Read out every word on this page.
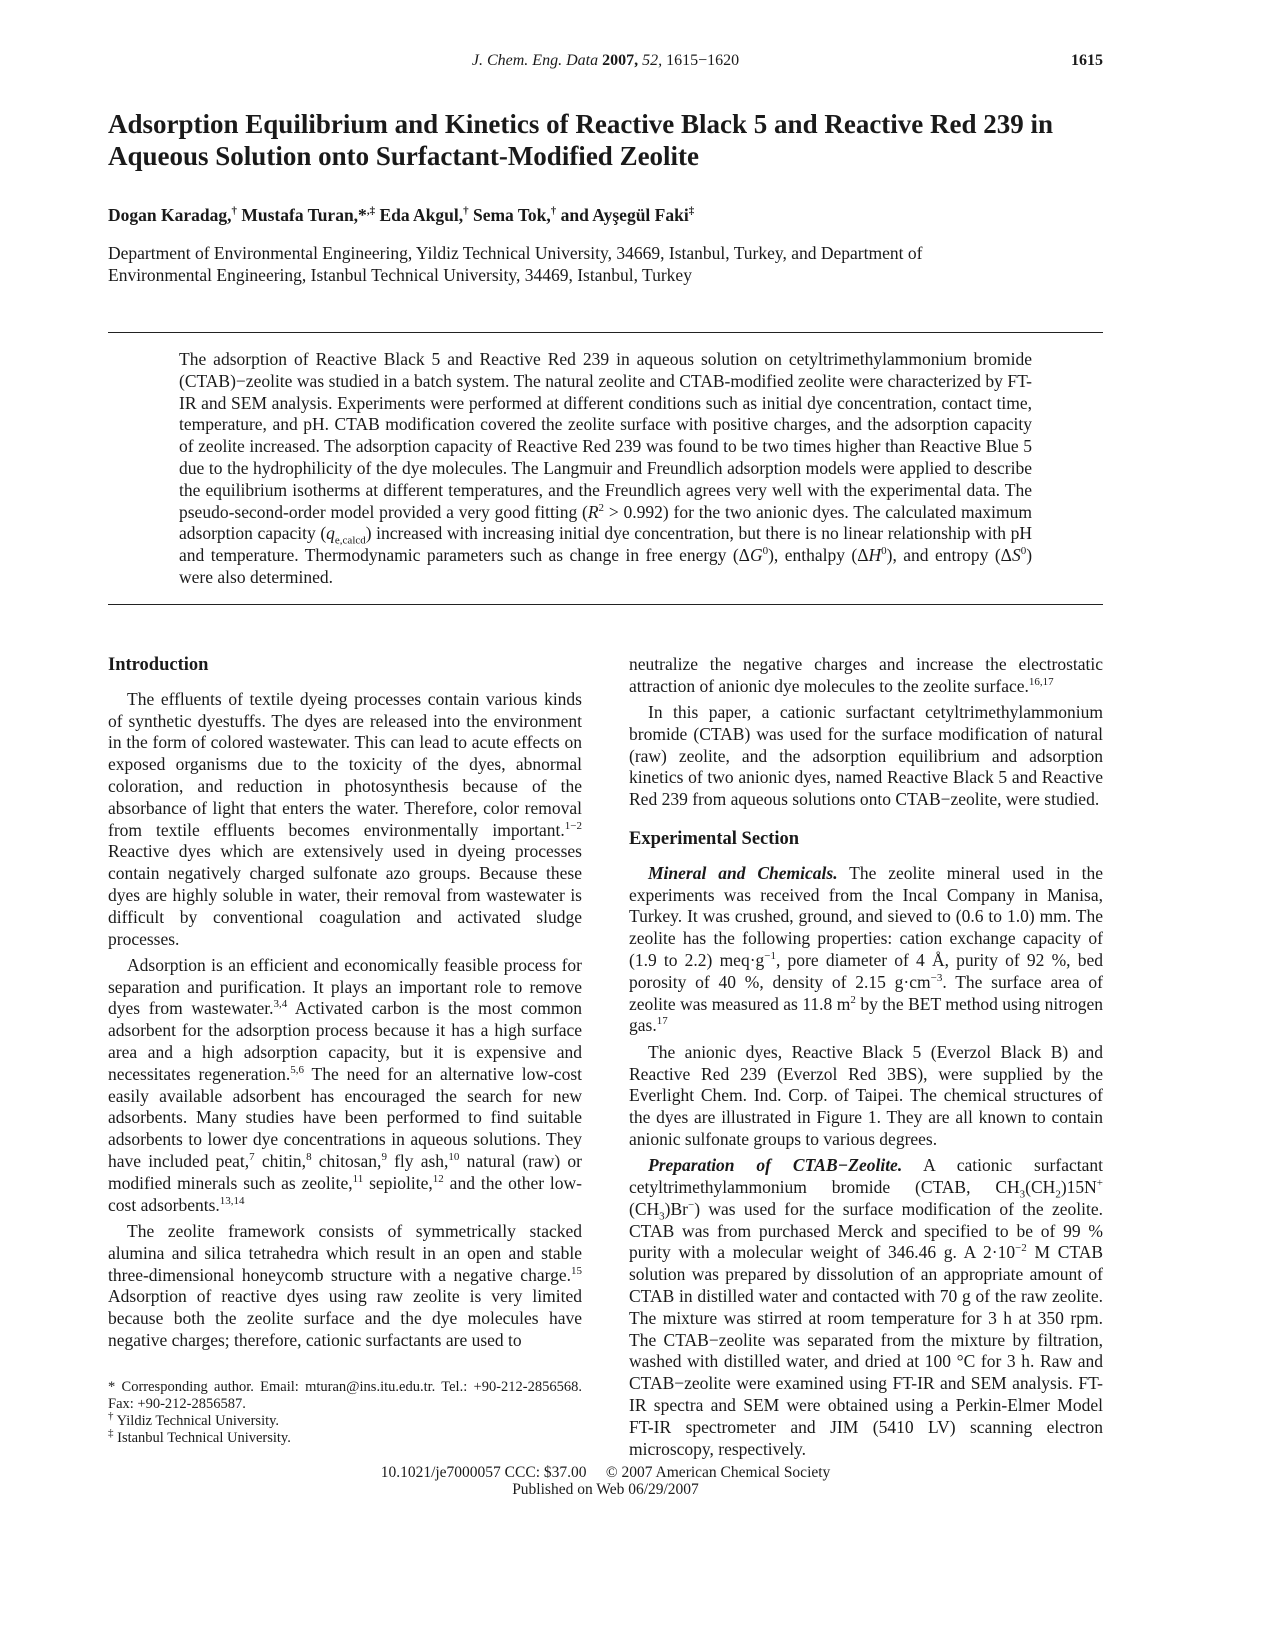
J. Chem. Eng. Data 2007, 52, 1615−1620	1615
Adsorption Equilibrium and Kinetics of Reactive Black 5 and Reactive Red 239 in Aqueous Solution onto Surfactant-Modified Zeolite
Dogan Karadag,† Mustafa Turan,*,‡ Eda Akgul,† Sema Tok,† and Ayşegül Faki‡
Department of Environmental Engineering, Yildiz Technical University, 34669, Istanbul, Turkey, and Department of Environmental Engineering, Istanbul Technical University, 34469, Istanbul, Turkey
The adsorption of Reactive Black 5 and Reactive Red 239 in aqueous solution on cetyltrimethylammonium bromide (CTAB)−zeolite was studied in a batch system. The natural zeolite and CTAB-modified zeolite were characterized by FT-IR and SEM analysis. Experiments were performed at different conditions such as initial dye concentration, contact time, temperature, and pH. CTAB modification covered the zeolite surface with positive charges, and the adsorption capacity of zeolite increased. The adsorption capacity of Reactive Red 239 was found to be two times higher than Reactive Blue 5 due to the hydrophilicity of the dye molecules. The Langmuir and Freundlich adsorption models were applied to describe the equilibrium isotherms at different temperatures, and the Freundlich agrees very well with the experimental data. The pseudo-second-order model provided a very good fitting $(R^2 > 0.992)$ for the two anionic dyes. The calculated maximum adsorption capacity $(q_{e,calcd})$ increased with increasing initial dye concentration, but there is no linear relationship with pH and temperature. Thermodynamic parameters such as change in free energy $(\Delta G^0)$, enthalpy $(\Delta H^0)$, and entropy $(\Delta S^0)$ were also determined.
Introduction

The effluents of textile dyeing processes contain various kinds of synthetic dyestuffs. The dyes are released into the environment in the form of colored wastewater. This can lead to acute effects on exposed organisms due to the toxicity of the dyes, abnormal coloration, and reduction in photosynthesis because of the absorbance of light that enters the water. Therefore, color removal from textile effluents becomes environmentally important.$^{1-2}$ Reactive dyes which are extensively used in dyeing processes contain negatively charged sulfonate azo groups. Because these dyes are highly soluble in water, their removal from wastewater is difficult by conventional coagulation and activated sludge processes.

Adsorption is an efficient and economically feasible process for separation and purification. It plays an important role to remove dyes from wastewater.$^{3,4}$ Activated carbon is the most common adsorbent for the adsorption process because it has a high surface area and a high adsorption capacity, but it is expensive and necessitates regeneration.$^{5,6}$ The need for an alternative low-cost easily available adsorbent has encouraged the search for new adsorbents. Many studies have been performed to find suitable adsorbents to lower dye concentrations in aqueous solutions. They have included peat,$^7$ chitin,$^8$ chitosan,$^9$ fly ash,$^{10}$ natural (raw) or modified minerals such as zeolite,$^{11}$ sepiolite,$^{12}$ and the other low-cost adsorbents.$^{13,14}$

The zeolite framework consists of symmetrically stacked alumina and silica tetrahedra which result in an open and stable three-dimensional honeycomb structure with a negative charge.$^{15}$ Adsorption of reactive dyes using raw zeolite is very limited because both the zeolite surface and the dye molecules have negative charges; therefore, cationic surfactants are used to

* Corresponding author. Email: mturan@ins.itu.edu.tr. Tel.: +90-212-2856568. Fax: +90-212-2856587.
† Yildiz Technical University.
‡ Istanbul Technical University.

neutralize the negative charges and increase the electrostatic attraction of anionic dye molecules to the zeolite surface.$^{16,17}$

In this paper, a cationic surfactant cetyltrimethylammonium bromide (CTAB) was used for the surface modification of natural (raw) zeolite, and the adsorption equilibrium and adsorption kinetics of two anionic dyes, named Reactive Black 5 and Reactive Red 239 from aqueous solutions onto CTAB−zeolite, were studied.

Experimental Section

Mineral and Chemicals. The zeolite mineral used in the experiments was received from the Incal Company in Manisa, Turkey. It was crushed, ground, and sieved to (0.6 to 1.0) mm. The zeolite has the following properties: cation exchange capacity of (1.9 to 2.2) $meq\cdot g^{-1}$, pore diameter of 4 Å, purity of 92 %, bed porosity of 40 %, density of 2.15 $g\cdot cm^{-3}$. The surface area of zeolite was measured as 11.8 $m^2$ by the BET method using nitrogen gas.$^{17}$

The anionic dyes, Reactive Black 5 (Everzol Black B) and Reactive Red 239 (Everzol Red 3BS), were supplied by the Everlight Chem. Ind. Corp. of Taipei. The chemical structures of the dyes are illustrated in Figure 1. They are all known to contain anionic sulfonate groups to various degrees.

Preparation of CTAB−Zeolite. A cationic surfactant cetyltrimethylammonium bromide (CTAB, $CH_3(CH_2)15N^+(CH_3)Br^-$) was used for the surface modification of the zeolite. CTAB was from purchased Merck and specified to be of 99 % purity with a molecular weight of 346.46 g. A $2\cdot 10^{-2}$ M CTAB solution was prepared by dissolution of an appropriate amount of CTAB in distilled water and contacted with 70 g of the raw zeolite. The mixture was stirred at room temperature for 3 h at 350 rpm. The CTAB−zeolite was separated from the mixture by filtration, washed with distilled water, and dried at 100 °C for 3 h. Raw and CTAB−zeolite were examined using FT-IR and SEM analysis. FT-IR spectra and SEM were obtained using a Perkin-Elmer Model FT-IR spectrometer and JIM (5410 LV) scanning electron microscopy, respectively.

10.1021/je7000057 CCC: $37.00 © 2007 American Chemical Society
Published on Web 06/29/2007
